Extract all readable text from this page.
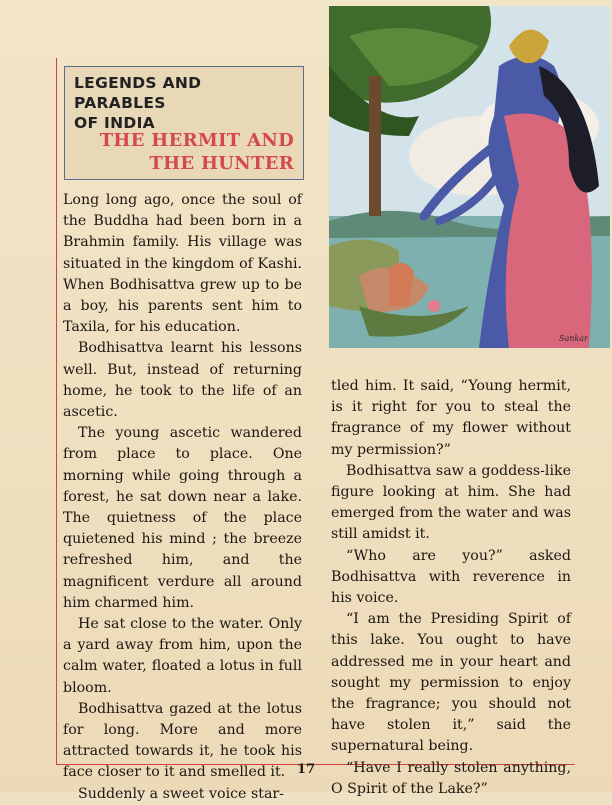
Sankar
LEGENDS AND PARABLES
OF INDIA
THE HERMIT AND
THE HUNTER

Long long ago, once the soul of the Buddha had been born in a Brahmin family. His village was situated in the kingdom of Kashi. When Bodhisattva grew up to be a boy, his parents sent him to Taxila, for his education.

Bodhisattva learnt his lessons well. But, instead of returning home, he took to the life of an ascetic.

The young ascetic wandered from place to place. One morning while going through a forest, he sat down near a lake. The quietness of the place quietened his mind ; the breeze refreshed him, and the magnificent verdure all around him charmed him.

He sat close to the water. Only a yard away from him, upon the calm water, floated a lotus in full bloom.

Bodhisattva gazed at the lotus for long. More and more attracted towards it, he took his face closer to it and smelled it.

Suddenly a sweet voice star-

tled him. It said, “Young hermit, is it right for you to steal the fragrance of my flower without my permission?”

Bodhisattva saw a goddess-like figure looking at him. She had emerged from the water and was still amidst it.

“Who are you?” asked Bodhisattva with reverence in his voice.

“I am the Presiding Spirit of this lake. You ought to have addressed me in your heart and sought my permission to enjoy the fragrance; you should not have stolen it,” said the supernatural being.

“Have I really stolen anything, O Spirit of the Lake?”

17
